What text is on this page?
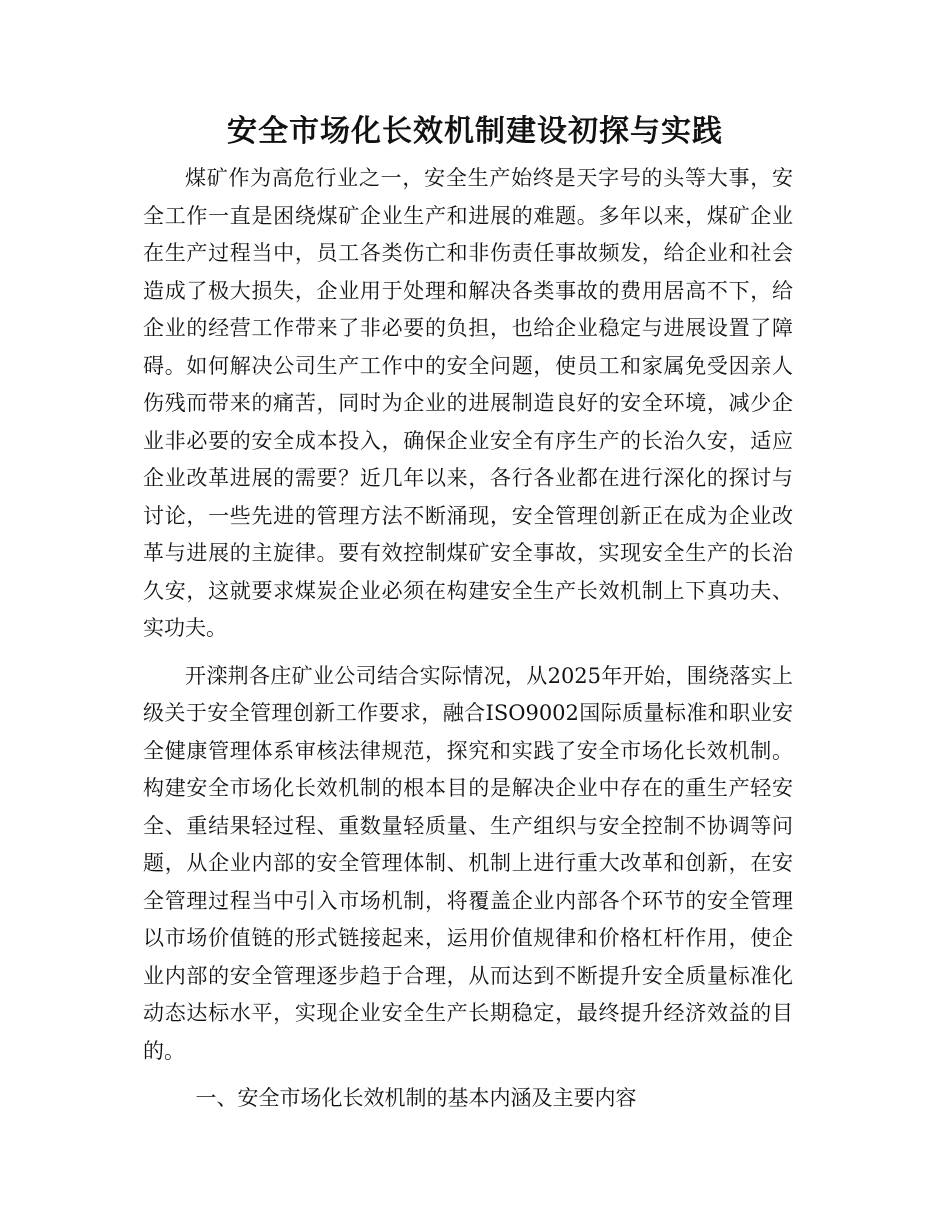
安全市场化长效机制建设初探与实践

煤矿作为高危行业之一，安全生产始终是天字号的头等大事，安全工作一直是困绕煤矿企业生产和进展的难题。多年以来，煤矿企业在生产过程当中，员工各类伤亡和非伤责任事故频发，给企业和社会造成了极大损失，企业用于处理和解决各类事故的费用居高不下，给企业的经营工作带来了非必要的负担，也给企业稳定与进展设置了障碍。如何解决公司生产工作中的安全问题，使员工和家属免受因亲人伤残而带来的痛苦，同时为企业的进展制造良好的安全环境，减少企业非必要的安全成本投入，确保企业安全有序生产的长治久安，适应企业改革进展的需要？近几年以来，各行各业都在进行深化的探讨与讨论，一些先进的管理方法不断涌现，安全管理创新正在成为企业改革与进展的主旋律。要有效控制煤矿安全事故，实现安全生产的长治久安，这就要求煤炭企业必须在构建安全生产长效机制上下真功夫、实功夫。

开滦荆各庄矿业公司结合实际情况，从2025年开始，围绕落实上级关于安全管理创新工作要求，融合ISO9002国际质量标准和职业安全健康管理体系审核法律规范，探究和实践了安全市场化长效机制。构建安全市场化长效机制的根本目的是解决企业中存在的重生产轻安全、重结果轻过程、重数量轻质量、生产组织与安全控制不协调等问题，从企业内部的安全管理体制、机制上进行重大改革和创新，在安全管理过程当中引入市场机制，将覆盖企业内部各个环节的安全管理以市场价值链的形式链接起来，运用价值规律和价格杠杆作用，使企业内部的安全管理逐步趋于合理，从而达到不断提升安全质量标准化动态达标水平，实现企业安全生产长期稳定，最终提升经济效益的目的。

一、安全市场化长效机制的基本内涵及主要内容
